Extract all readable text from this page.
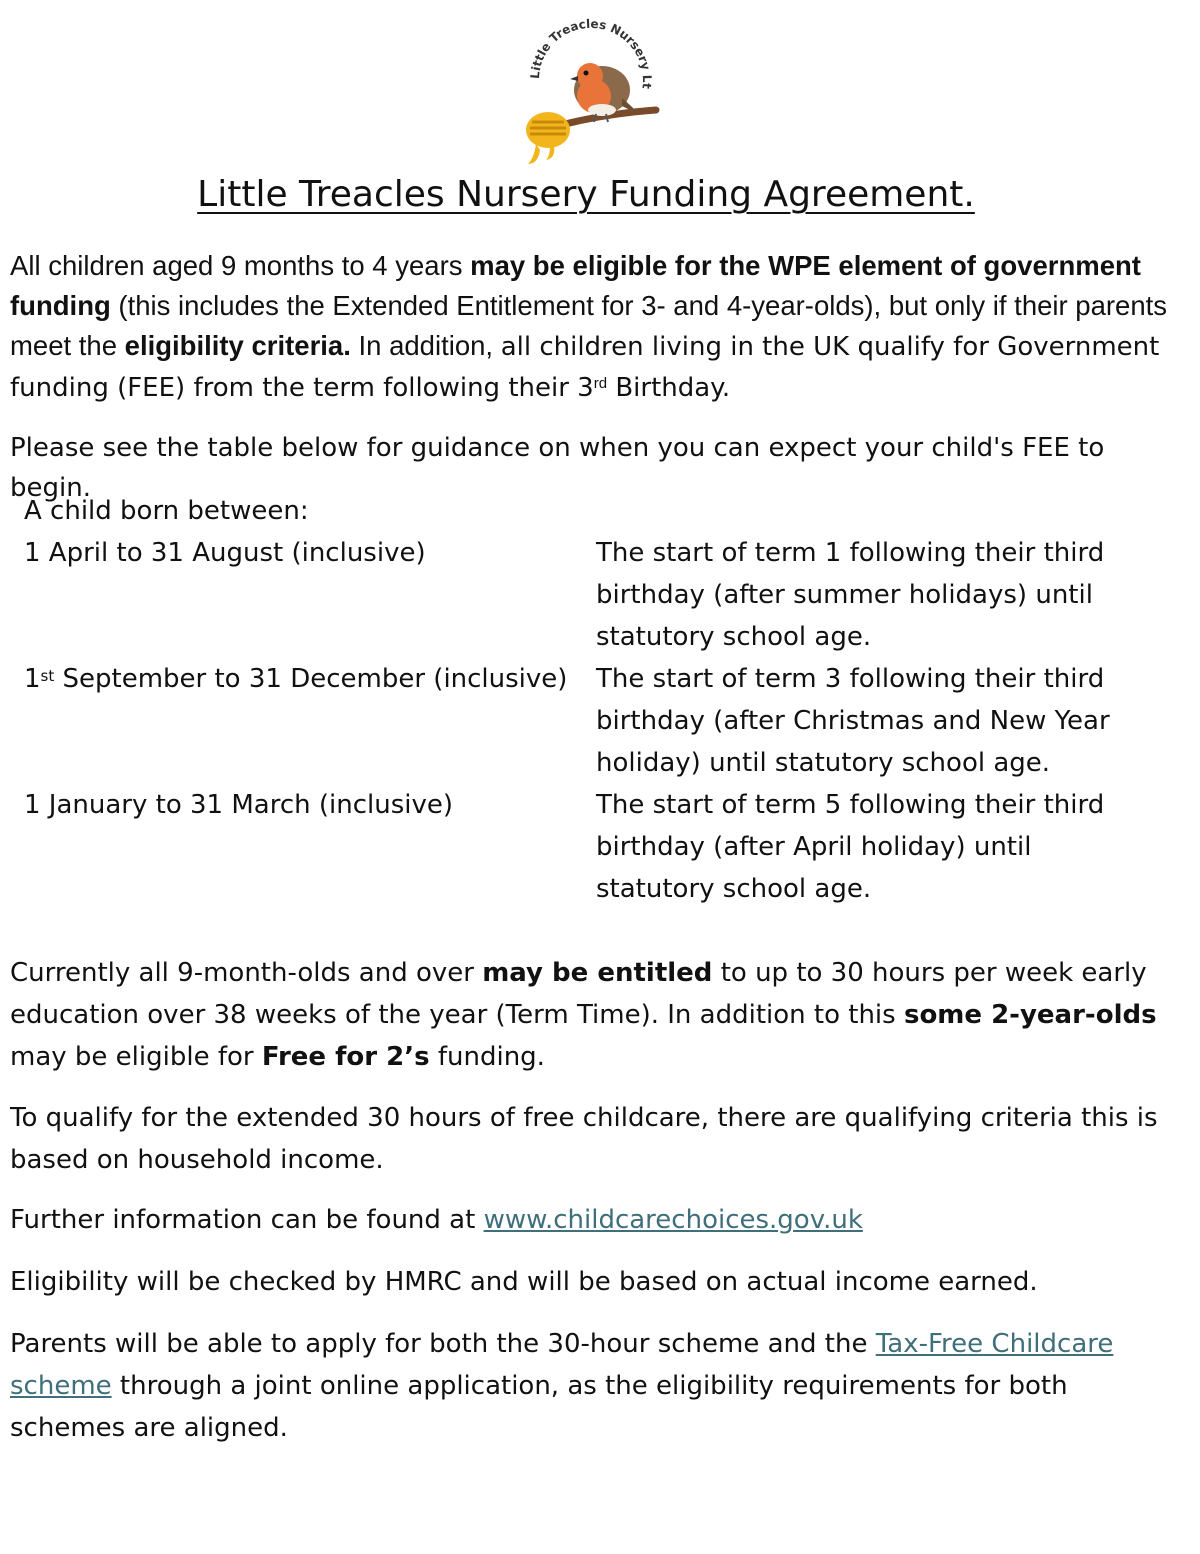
Little Treacles Nursery Lt
Little Treacles Nursery Funding Agreement.
All children aged 9 months to 4 years may be eligible for the WPE element of government funding (this includes the Extended Entitlement for 3- and 4-year-olds), but only if their parents meet the eligibility criteria. In addition, all children living in the UK qualify for Government funding (FEE) from the term following their 3rd Birthday.
Please see the table below for guidance on when you can expect your child's FEE to begin.
A child born between:
1 April to 31 August (inclusive)	The start of term 1 following their third birthday (after summer holidays) until statutory school age.
1st September to 31 December (inclusive)	The start of term 3 following their third birthday (after Christmas and New Year holiday) until statutory school age.
1 January to 31 March (inclusive)	The start of term 5 following their third birthday (after April holiday) until statutory school age.
Currently all 9-month-olds and over may be entitled to up to 30 hours per week early education over 38 weeks of the year (Term Time). In addition to this some 2-year-olds may be eligible for Free for 2’s funding.
To qualify for the extended 30 hours of free childcare, there are qualifying criteria this is based on household income.
Further information can be found at www.childcarechoices.gov.uk
Eligibility will be checked by HMRC and will be based on actual income earned.
Parents will be able to apply for both the 30-hour scheme and the Tax-Free Childcare scheme through a joint online application, as the eligibility requirements for both schemes are aligned.
